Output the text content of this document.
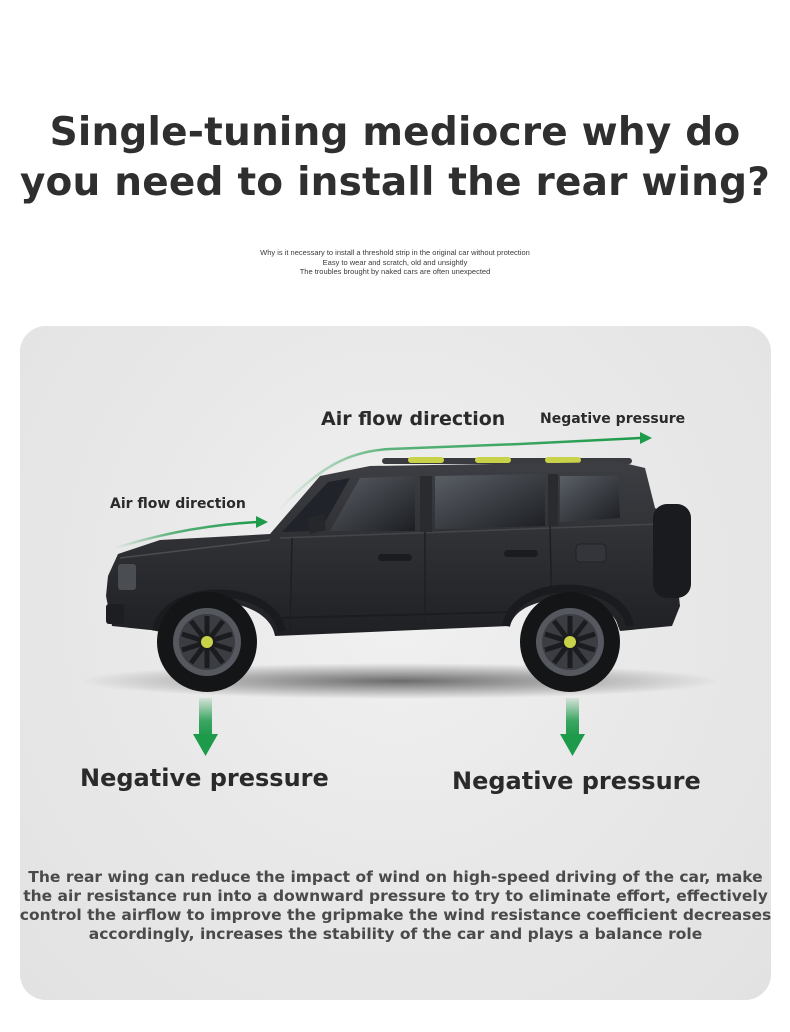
Single-tuning mediocre why do
you need to install the rear wing?
Why is it necessary to install a threshold strip in the original car without protection
Easy to wear and scratch, old and unsightly
The troubles brought by naked cars are often unexpected
Air flow direction Negative pressure
Air flow direction
Negative pressure	Negative pressure
The rear wing can reduce the impact of wind on high-speed driving of the car, make
the air resistance run into a downward pressure to try to eliminate effort, effectively
control the airflow to improve the gripmake the wind resistance coefficient decreases
accordingly, increases the stability of the car and plays a balance role
